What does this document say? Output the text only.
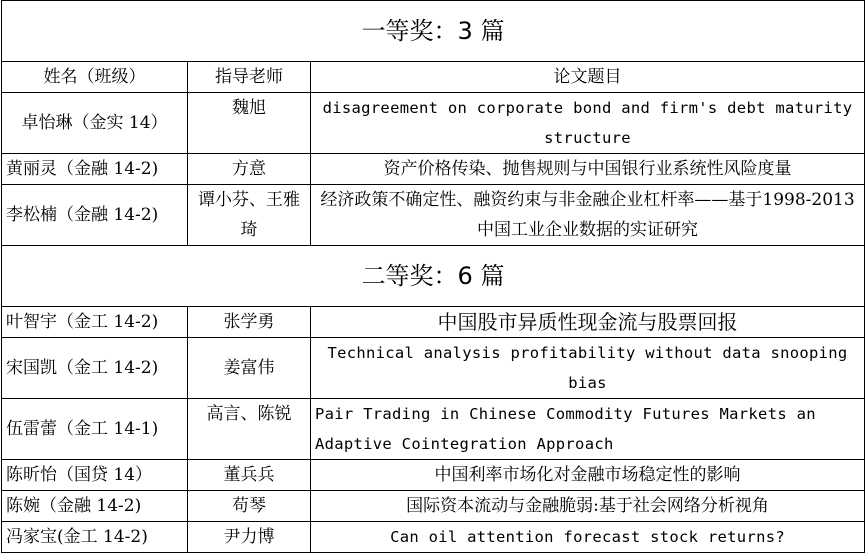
一等奖：3 篇		
姓名（班级）	指导老师	论文题目
卓怡琳（金实 14）	魏旭	disagreement on corporate bond and firm's debt maturity structure
黄丽灵（金融 14-2)	方意	资产价格传染、抛售规则与中国银行业系统性风险度量
李松楠（金融 14-2)	谭小芬、王雅琦	经济政策不确定性、融资约束与非金融企业杠杆率——基于1998-2013 中国工业企业数据的实证研究
二等奖：6 篇		
叶智宇（金工 14-2)	张学勇	中国股市异质性现金流与股票回报
宋国凯（金工 14-2)	姜富伟	Technical analysis profitability without data snooping bias
伍雷蕾（金工 14-1)	高言、陈锐	Pair Trading in Chinese Commodity Futures Markets an Adaptive Cointegration Approach
陈昕怡（国贷 14）	董兵兵	中国利率市场化对金融市场稳定性的影响
陈婉（金融 14-2)	苟琴	国际资本流动与金融脆弱:基于社会网络分析视角
冯家宝(金工 14-2)	尹力博	Can oil attention forecast stock returns?
